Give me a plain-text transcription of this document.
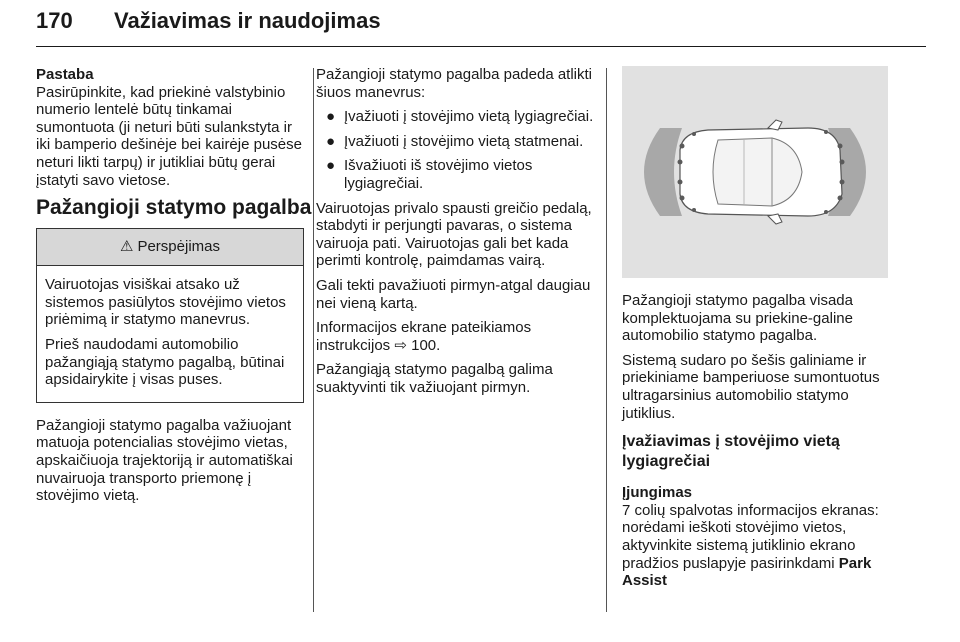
170 Važiavimas ir naudojimas
Pastaba

Pasirūpinkite, kad priekinė valstybinio numerio lentelė būtų tinkamai sumontuota (ji neturi būti sulankstyta ir iki bamperio dešinėje bei kairėje pusėse neturi likti tarpų) ir jutikliai būtų gerai įstatyti savo vietose.

Pažangioji statymo pagalba
⚠ Perspėjimas

Vairuotojas visiškai atsako už sistemos pasiūlytos stovėjimo vietos priėmimą ir statymo manevrus.

Prieš naudodami automobilio pažangiąją statymo pagalbą, būtinai apsidairykite į visas puses.

Pažangioji statymo pagalba važiuojant matuoja potencialias stovėjimo vietas, apskaičiuoja trajektoriją ir automatiškai nuvairuoja transporto priemonę į stovėjimo vietą.

Pažangioji statymo pagalba padeda atlikti šiuos manevrus:

● Įvažiuoti į stovėjimo vietą lygiagrečiai.
● Įvažiuoti į stovėjimo vietą statmenai.
● Išvažiuoti iš stovėjimo vietos lygiagrečiai.

Vairuotojas privalo spausti greičio pedalą, stabdyti ir perjungti pavaras, o sistema vairuoja pati. Vairuotojas gali bet kada perimti kontrolę, paimdamas vairą.

Gali tekti pavažiuoti pirmyn-atgal daugiau nei vieną kartą.

Informacijos ekrane pateikiamos instrukcijos ⇨ 100.

Pažangiąją statymo pagalbą galima suaktyvinti tik važiuojant pirmyn.

Pažangioji statymo pagalba visada komplektuojama su priekine-galine automobilio statymo pagalba.

Sistemą sudaro po šešis galiniame ir priekiniame bamperiuose sumontuotus ultragarsinius automobilio statymo jutiklius.

Įvažiavimas į stovėjimo vietą lygiagrečiai
Įjungimas

7 colių spalvotas informacijos ekranas: norėdami ieškoti stovėjimo vietos, aktyvinkite sistemą jutiklinio ekrano pradžios puslapyje pasirinkdami Park Assist
